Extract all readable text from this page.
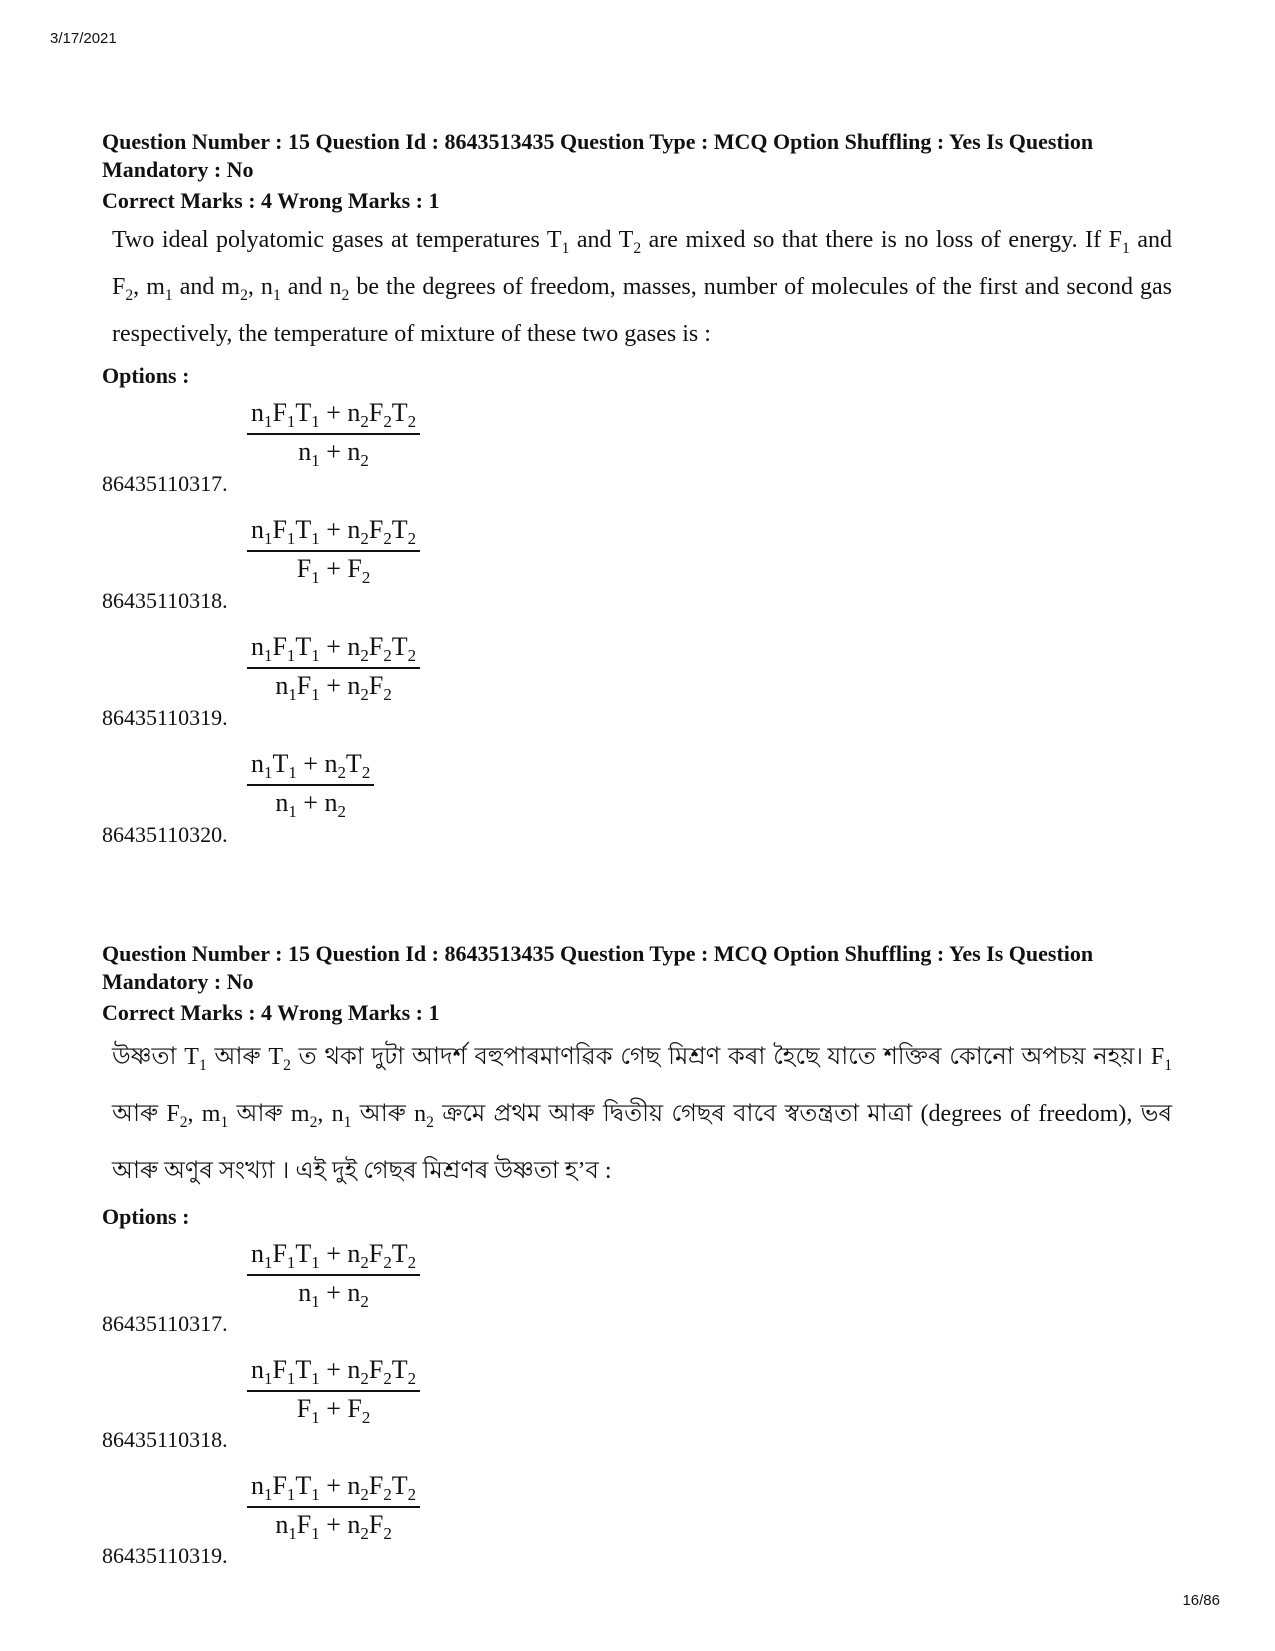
3/17/2021
Question Number : 15 Question Id : 8643513435 Question Type : MCQ Option Shuffling : Yes Is Question Mandatory : No
Correct Marks : 4 Wrong Marks : 1
Two ideal polyatomic gases at temperatures $T_1$ and $T_2$ are mixed so that there is no loss of energy. If $F_1$ and $F_2$, $m_1$ and $m_2$, $n_1$ and $n_2$ be the degrees of freedom, masses, number of molecules of the first and second gas respectively, the temperature of mixture of these two gases is :
Options :
$\frac{n_1F_1T_1 + n_2F_2T_2}{n_1 + n_2}$
86435110317.
$\frac{n_1F_1T_1 + n_2F_2T_2}{F_1 + F_2}$
86435110318.
$\frac{n_1F_1T_1 + n_2F_2T_2}{n_1F_1 + n_2F_2}$
86435110319.
$\frac{n_1T_1 + n_2T_2}{n_1 + n_2}$
86435110320.
Question Number : 15 Question Id : 8643513435 Question Type : MCQ Option Shuffling : Yes Is Question Mandatory : No
Correct Marks : 4 Wrong Marks : 1
উষ্ণতা $T_1$ আৰু $T_2$ ত থকা দুটা আদৰ্শ বহুপাৰমাণৱিক গেছ মিশ্ৰণ কৰা হৈছে যাতে শক্তিৰ কোনো অপচয় নহয়। $F_1$ আৰু $F_2$, $m_1$ আৰু $m_2$, $n_1$ আৰু $n_2$ ক্ৰমে প্ৰথম আৰু দ্বিতীয় গেছৰ বাবে স্বতন্ত্ৰতা মাত্ৰা (degrees of freedom), ভৰ আৰু অণুৰ সংখ্যা । এই দুই গেছৰ মিশ্ৰণৰ উষ্ণতা হ’ব :
Options :
$\frac{n_1F_1T_1 + n_2F_2T_2}{n_1 + n_2}$
86435110317.
$\frac{n_1F_1T_1 + n_2F_2T_2}{F_1 + F_2}$
86435110318.
$\frac{n_1F_1T_1 + n_2F_2T_2}{n_1F_1 + n_2F_2}$
86435110319.
16/86
